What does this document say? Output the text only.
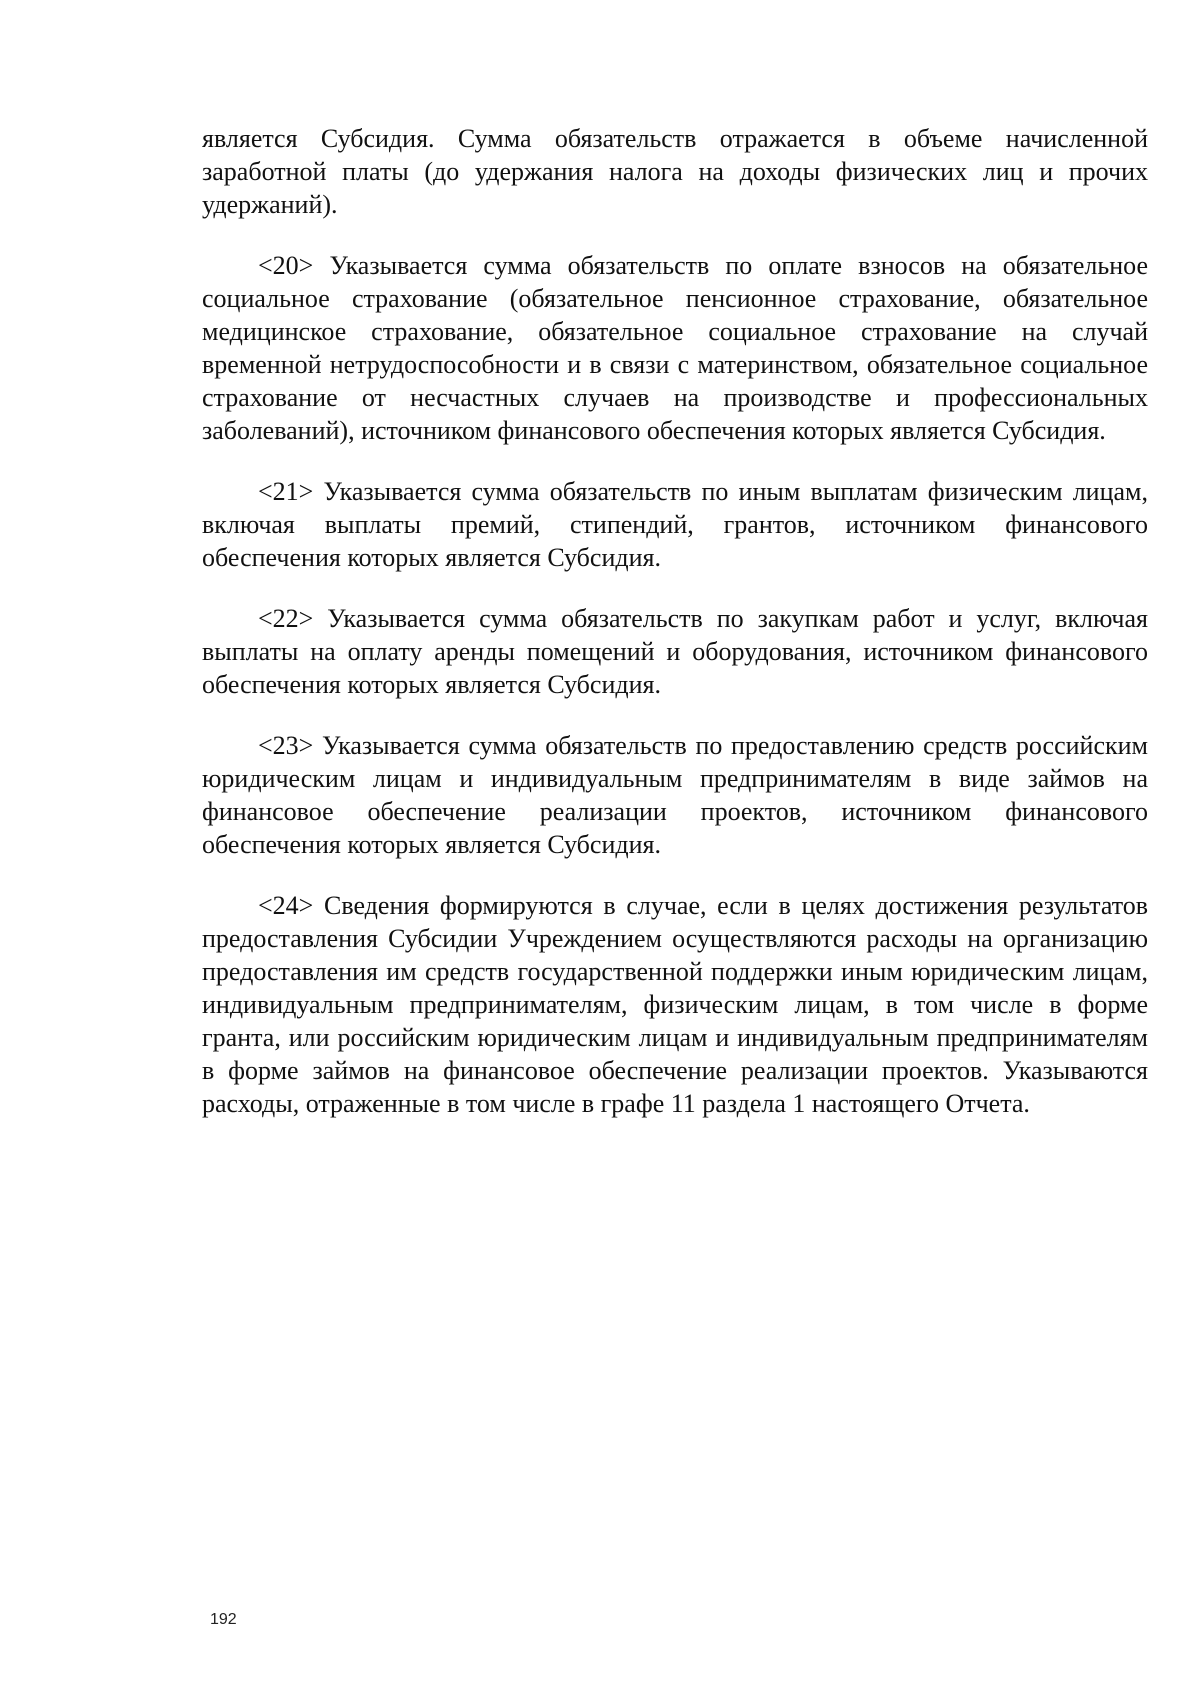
является Субсидия. Сумма обязательств отражается в объеме начисленной заработной платы (до удержания налога на доходы физических лиц и прочих удержаний).

<20> Указывается сумма обязательств по оплате взносов на обязательное социальное страхование (обязательное пенсионное страхование, обязательное медицинское страхование, обязательное социальное страхование на случай временной нетрудоспособности и в связи с материнством, обязательное социальное страхование от несчастных случаев на производстве и профессиональных заболеваний), источником финансового обеспечения которых является Субсидия.

<21> Указывается сумма обязательств по иным выплатам физическим лицам, включая выплаты премий, стипендий, грантов, источником финансового обеспечения которых является Субсидия.

<22> Указывается сумма обязательств по закупкам работ и услуг, включая выплаты на оплату аренды помещений и оборудования, источником финансового обеспечения которых является Субсидия.

<23> Указывается сумма обязательств по предоставлению средств российским юридическим лицам и индивидуальным предпринимателям в виде займов на финансовое обеспечение реализации проектов, источником финансового обеспечения которых является Субсидия.

<24> Сведения формируются в случае, если в целях достижения результатов предоставления Субсидии Учреждением осуществляются расходы на организацию предоставления им средств государственной поддержки иным юридическим лицам, индивидуальным предпринимателям, физическим лицам, в том числе в форме гранта, или российским юридическим лицам и индивидуальным предпринимателям в форме займов на финансовое обеспечение реализации проектов. Указываются расходы, отраженные в том числе в графе 11 раздела 1 настоящего Отчета.

192
